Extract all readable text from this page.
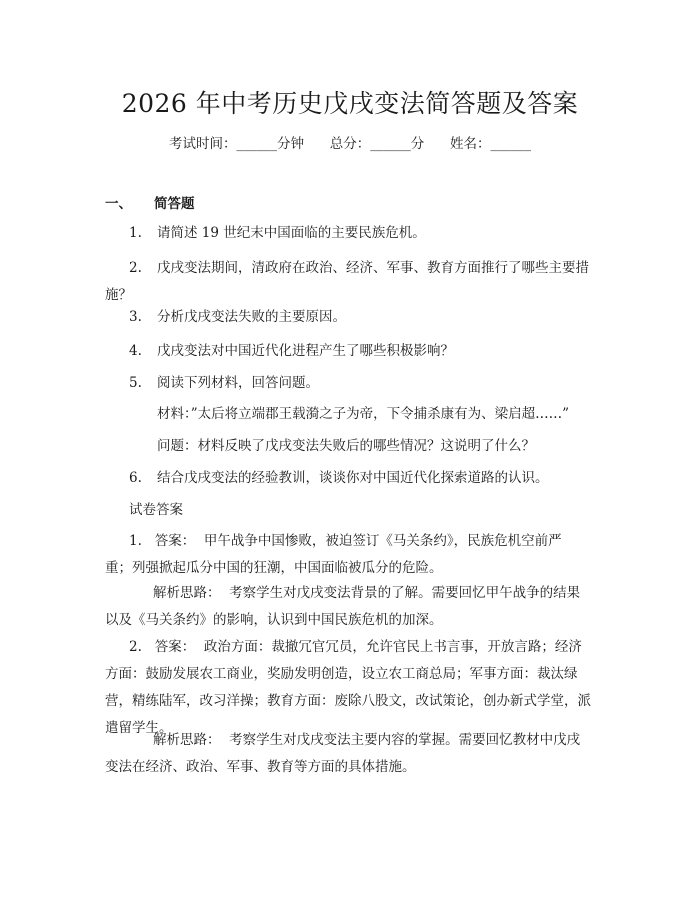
2026 年中考历史戊戌变法简答题及答案
考试时间：______分钟 总分：______分 姓名：______
一、 简答题
1. 请简述 19 世纪末中国面临的主要民族危机。
2. 戊戌变法期间，清政府在政治、经济、军事、教育方面推行了哪些主要措
施？
3. 分析戊戌变法失败的主要原因。
4. 戊戌变法对中国近代化进程产生了哪些积极影响？
5. 阅读下列材料，回答问题。
材料：”太后将立端郡王载漪之子为帝，下令捕杀康有为、梁启超……”
问题：材料反映了戊戌变法失败后的哪些情况？这说明了什么？
6. 结合戊戌变法的经验教训，谈谈你对中国近代化探索道路的认识。
试卷答案
1.   答案：  甲午战争中国惨败，被迫签订《马关条约》，民族危机空前严
重；列强掀起瓜分中国的狂潮，中国面临被瓜分的危险。
解析思路：  考察学生对戊戌变法背景的了解。需要回忆甲午战争的结果
以及《马关条约》的影响，认识到中国民族危机的加深。
2.   答案：  政治方面：裁撤冗官冗员，允许官民上书言事，开放言路；经济
方面：鼓励发展农工商业，奖励发明创造，设立农工商总局；军事方面：裁汰绿
营，精练陆军，改习洋操；教育方面：废除八股文，改试策论，创办新式学堂，派
遣留学生。
解析思路：  考察学生对戊戌变法主要内容的掌握。需要回忆教材中戊戌
变法在经济、政治、军事、教育等方面的具体措施。
